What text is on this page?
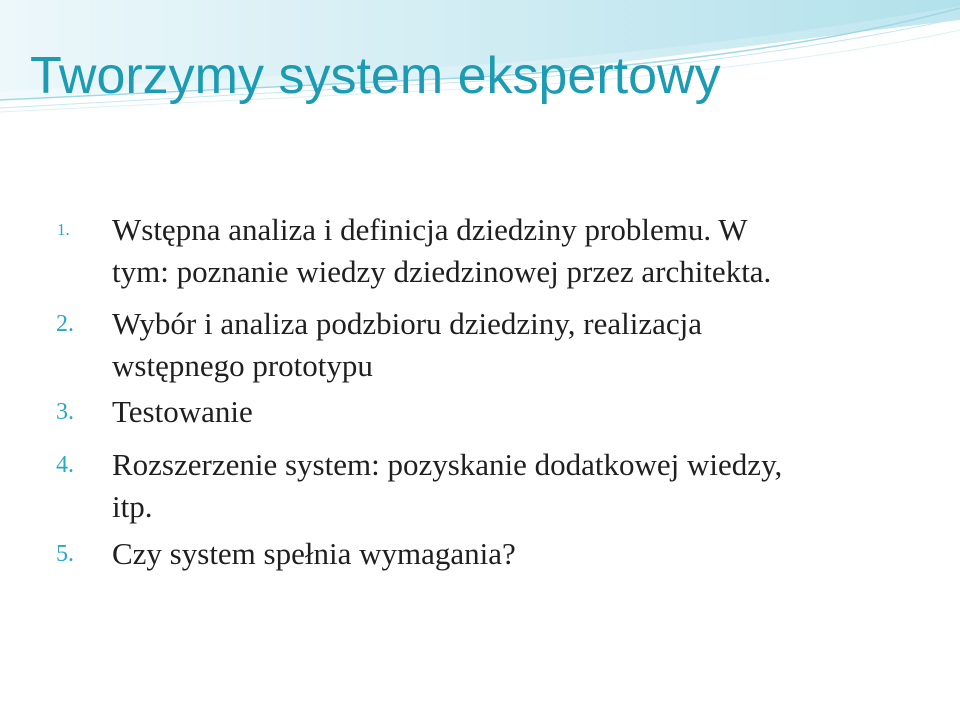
Tworzymy system ekspertowy
1. Wstępna analiza i definicja dziedziny problemu. W
tym: poznanie wiedzy dziedzinowej przez architekta.

2. Wybór i analiza podzbioru dziedziny, realizacja
wstępnego prototypu

3. Testowanie

4. Rozszerzenie system: pozyskanie dodatkowej wiedzy,
itp.

5. Czy system spełnia wymagania?
